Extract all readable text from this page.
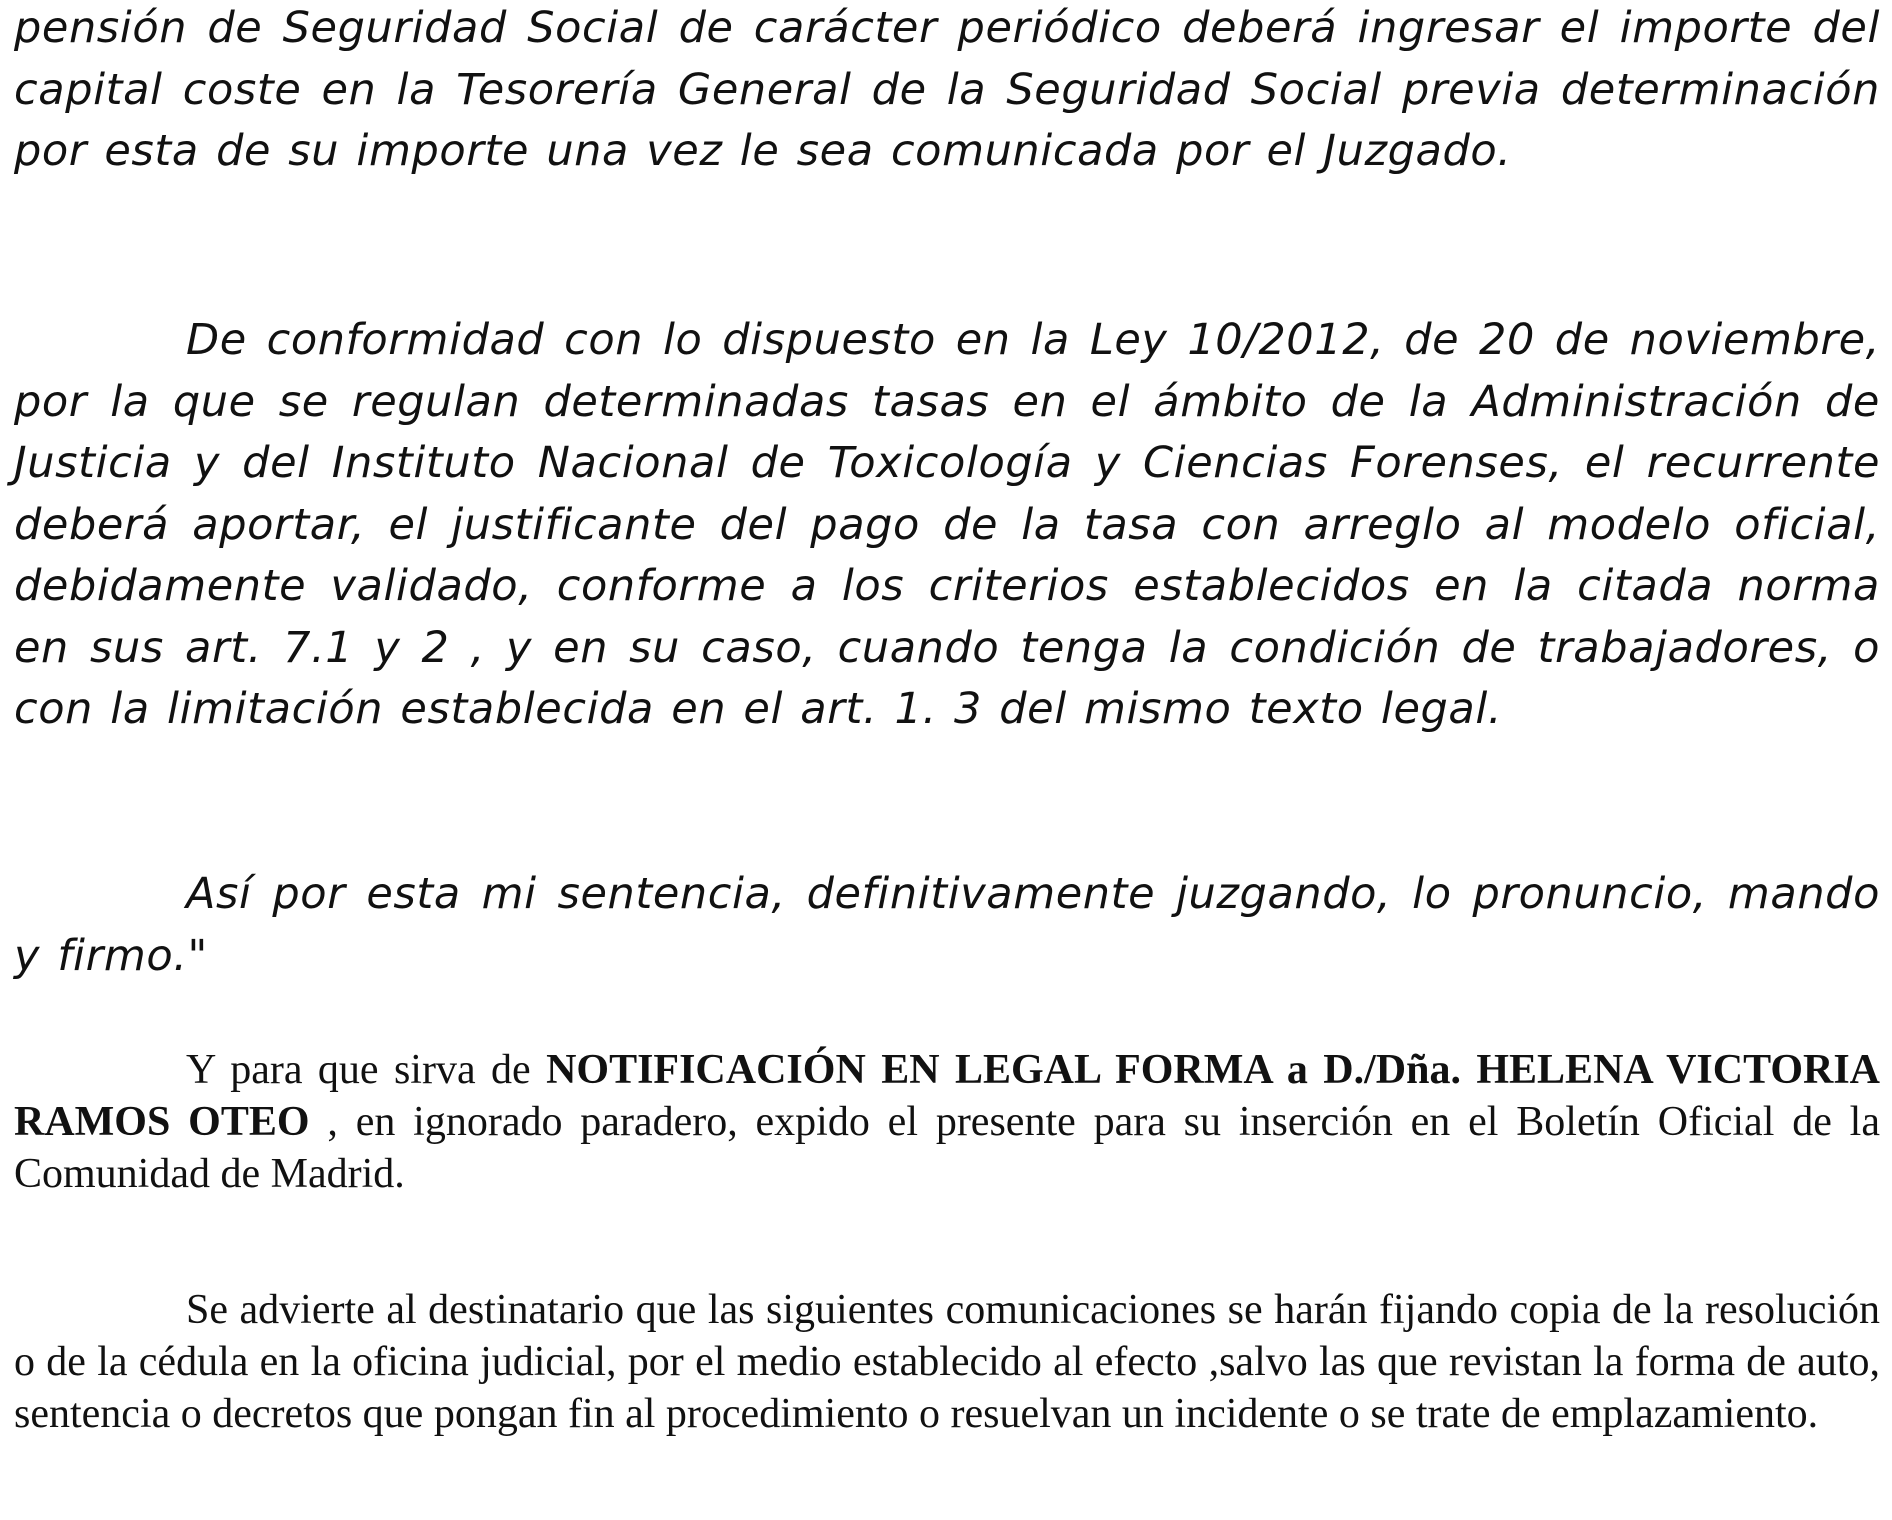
pensión de Seguridad Social de carácter periódico deberá ingresar el importe del capital coste en la Tesorería General de la Seguridad Social previa determinación por esta de su importe una vez le sea comunicada por el Juzgado.

De conformidad con lo dispuesto en la Ley 10/2012, de 20 de noviembre, por la que se regulan determinadas tasas en el ámbito de la Administración de Justicia y del Instituto Nacional de Toxicología y Ciencias Forenses, el recurrente deberá aportar, el justificante del pago de la tasa con arreglo al modelo oficial, debidamente validado, conforme a los criterios establecidos en la citada norma en sus art. 7.1 y 2 , y en su caso, cuando tenga la condición de trabajadores, o con la limitación establecida en el art. 1. 3 del mismo texto legal.

Así por esta mi sentencia, definitivamente juzgando, lo pronuncio, mando y firmo."

Y para que sirva de NOTIFICACIÓN EN LEGAL FORMA a D./Dña. HELENA VICTORIA RAMOS OTEO , en ignorado paradero, expido el presente para su inserción en el Boletín Oficial de la Comunidad de Madrid.

Se advierte al destinatario que las siguientes comunicaciones se harán fijando copia de la resolución o de la cédula en la oficina judicial, por el medio establecido al efecto ,salvo las que revistan la forma de auto, sentencia o decretos que pongan fin al procedimiento o resuelvan un incidente o se trate de emplazamiento.
